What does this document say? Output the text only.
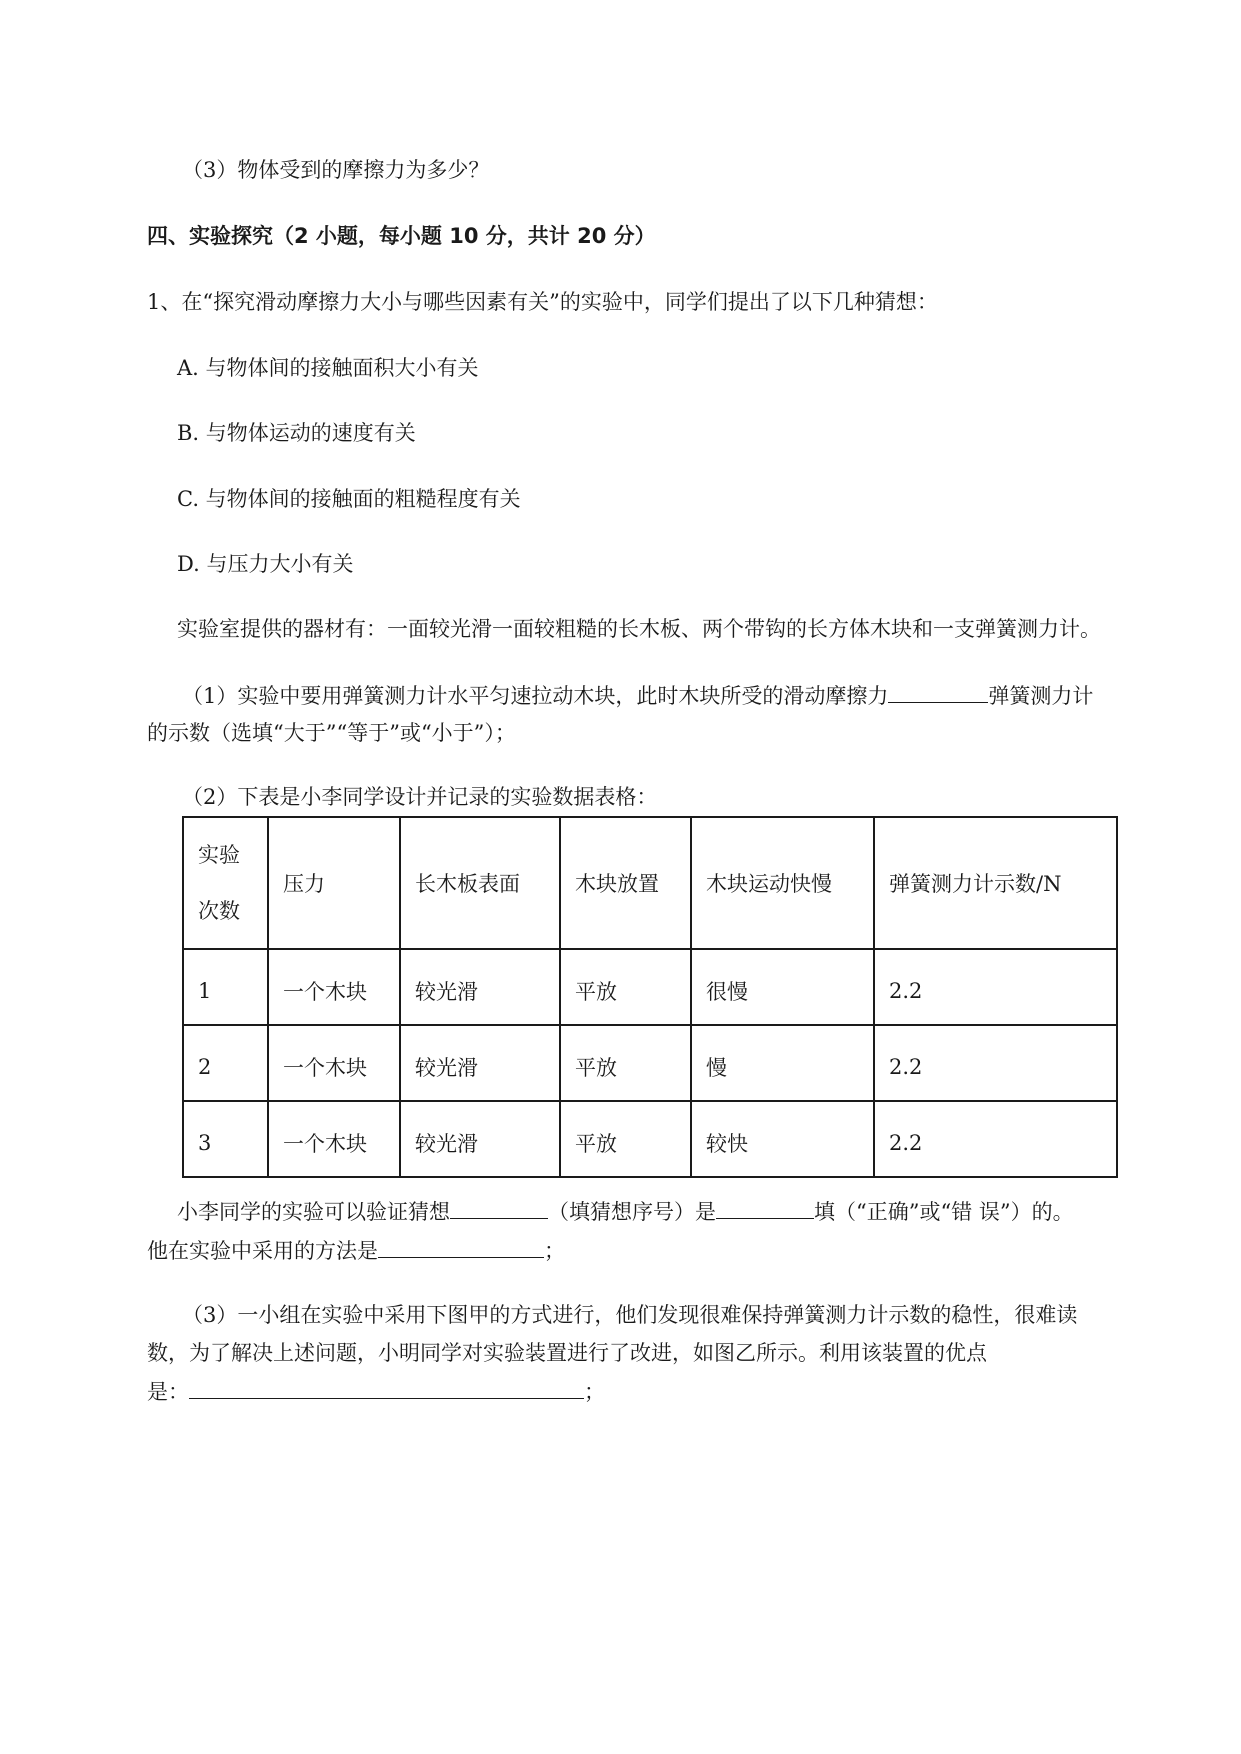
（3）物体受到的摩擦力为多少？
四、实验探究（2 小题，每小题 10 分，共计 20 分）
1、在“探究滑动摩擦力大小与哪些因素有关”的实验中，同学们提出了以下几种猜想：
A. 与物体间的接触面积大小有关
B. 与物体运动的速度有关
C. 与物体间的接触面的粗糙程度有关
D. 与压力大小有关
实验室提供的器材有：一面较光滑一面较粗糙的长木板、两个带钩的长方体木块和一支弹簧测力计。
（1）实验中要用弹簧测力计水平匀速拉动木块，此时木块所受的滑动摩擦力	弹簧测力计
的示数（选填“大于”“等于”或“小于”）；
（2）下表是小李同学设计并记录的实验数据表格：
实验
次数	压力	长木板表面	木块放置	木块运动快慢	弹簧测力计示数/N
1	一个木块	较光滑	平放	很慢	2.2
2	一个木块	较光滑	平放	慢	2.2
3	一个木块	较光滑	平放	较快	2.2
小李同学的实验可以验证猜想	（填猜想序号）是	填（“正确”或“错 误”）的。
他在实验中采用的方法是	；
（3）一小组在实验中采用下图甲的方式进行，他们发现很难保持弹簧测力计示数的稳性，很难读
数，为了解决上述问题，小明同学对实验装置进行了改进，如图乙所示。利用该装置的优点
是：	；
